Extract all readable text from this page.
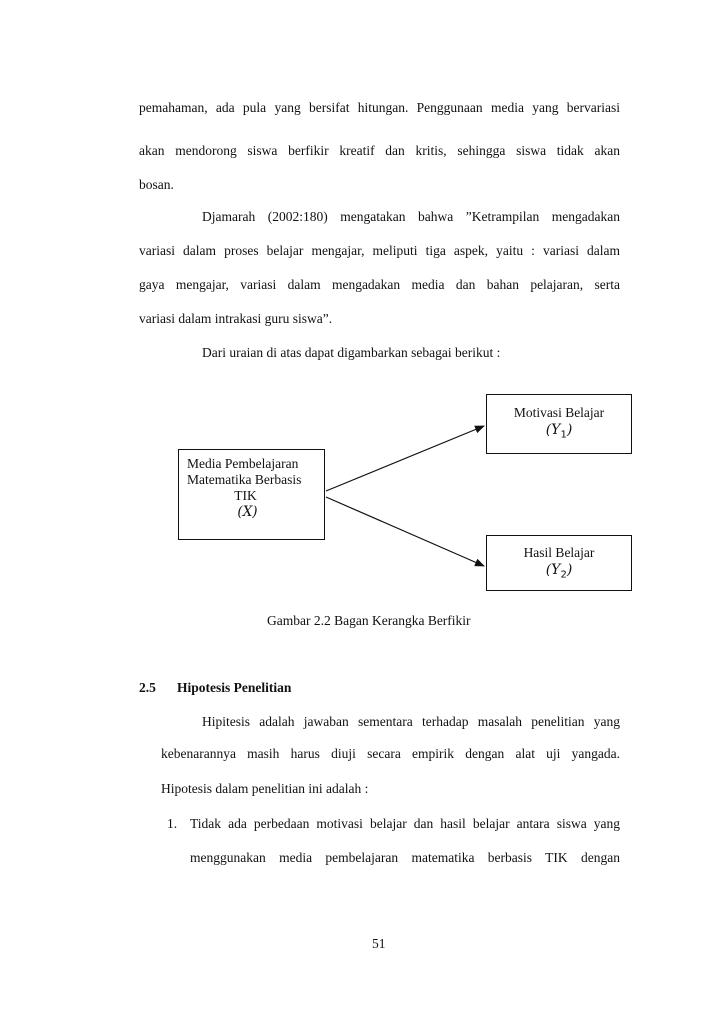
pemahaman, ada pula yang bersifat hitungan. Penggunaan media yang bervariasi
akan mendorong siswa berfikir kreatif dan kritis, sehingga siswa tidak akan
bosan.
Djamarah (2002:180) mengatakan bahwa ”Ketrampilan mengadakan
variasi dalam proses belajar mengajar, meliputi tiga aspek, yaitu : variasi dalam
gaya mengajar, variasi dalam mengadakan media dan bahan pelajaran, serta
variasi dalam intrakasi guru siswa”.
Dari uraian di atas dapat digambarkan sebagai berikut :
Media Pembelajaran
Matematika Berbasis
TIK
(X)
Motivasi Belajar
$(Y_1)$
Hasil Belajar
$(Y_2)$
Gambar 2.2 Bagan Kerangka Berfikir
2.5 Hipotesis Penelitian
Hipitesis adalah jawaban sementara terhadap masalah penelitian yang
kebenarannya masih harus diuji secara empirik dengan alat uji yangada.
Hipotesis dalam penelitian ini adalah :
1. Tidak ada perbedaan motivasi belajar dan hasil belajar antara siswa yang
menggunakan media pembelajaran matematika berbasis TIK dengan
51
